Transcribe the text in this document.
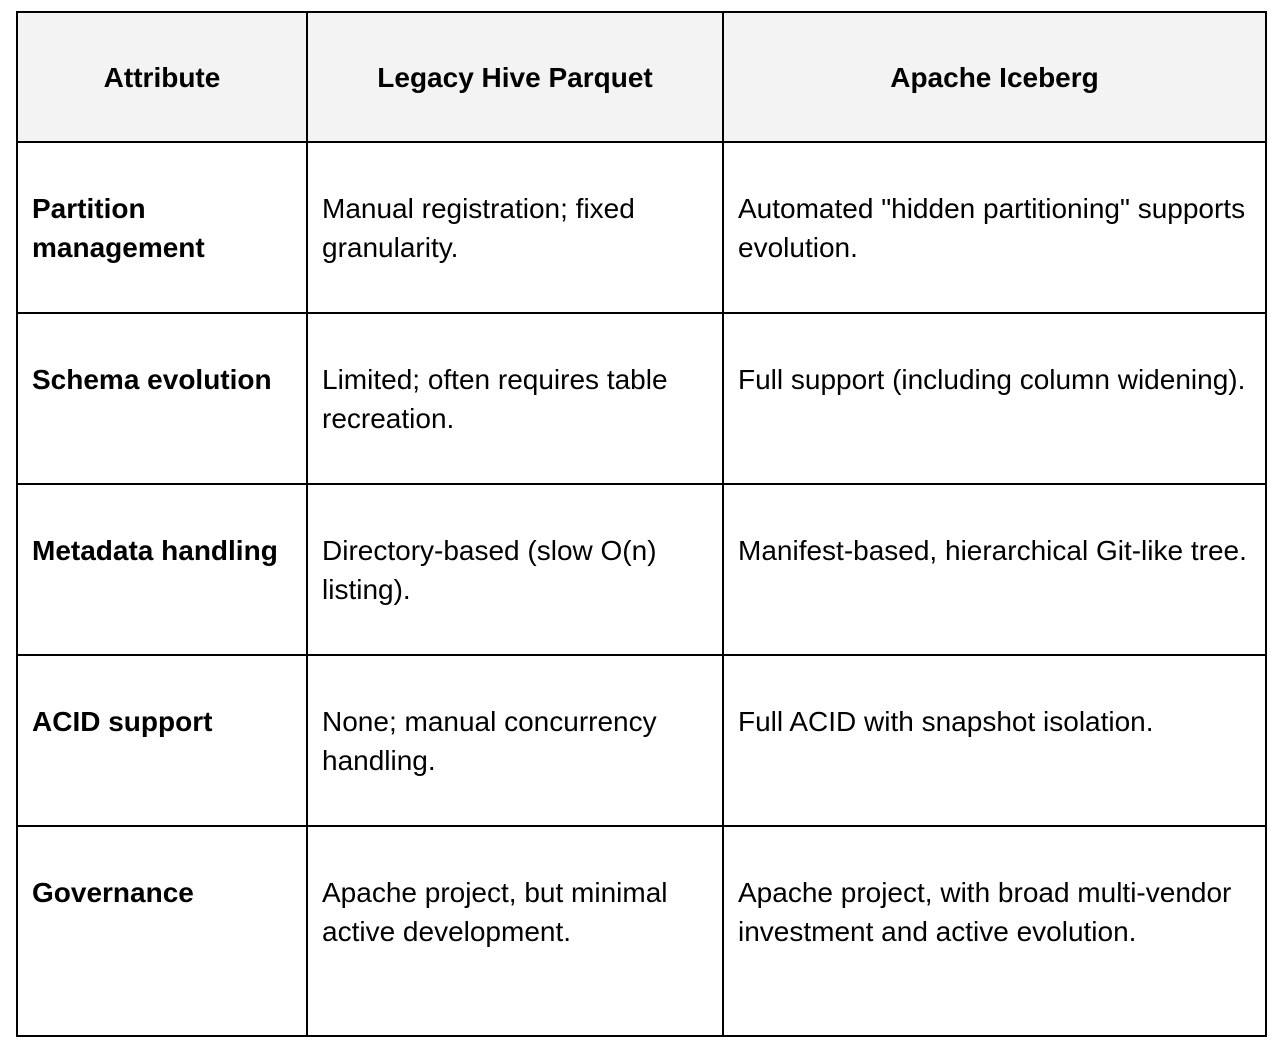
Attribute	Legacy Hive Parquet	Apache Iceberg
Partition management	Manual registration; fixed granularity.	Automated "hidden partitioning" supports evolution.
Schema evolution	Limited; often requires table recreation.	Full support (including column widening).
Metadata handling	Directory-based (slow O(n) listing).	Manifest-based, hierarchical Git-like tree.
ACID support	None; manual concurrency handling.	Full ACID with snapshot isolation.
Governance	Apache project, but minimal active development.	Apache project, with broad multi-vendor investment and active evolution.
